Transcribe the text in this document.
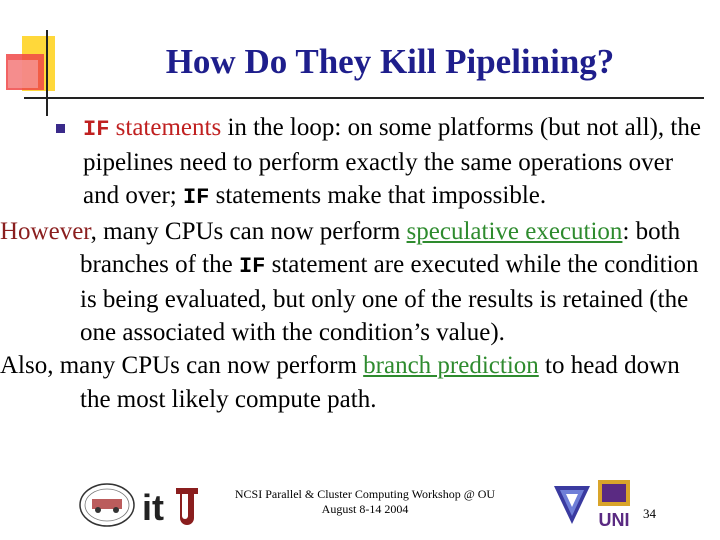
How Do They Kill Pipelining?

IF statements in the loop: on some platforms (but not all), the pipelines need to perform exactly the same operations over and over; IF statements make that impossible.

However, many CPUs can now perform speculative execution: both branches of the IF statement are executed while the condition is being evaluated, but only one of the results is retained (the one associated with the condition’s value).

Also, many CPUs can now perform branch prediction to head down the most likely compute path.

it	NCSI Parallel & Cluster Computing Workshop @ OU
August 8-14 2004
UNI 34
